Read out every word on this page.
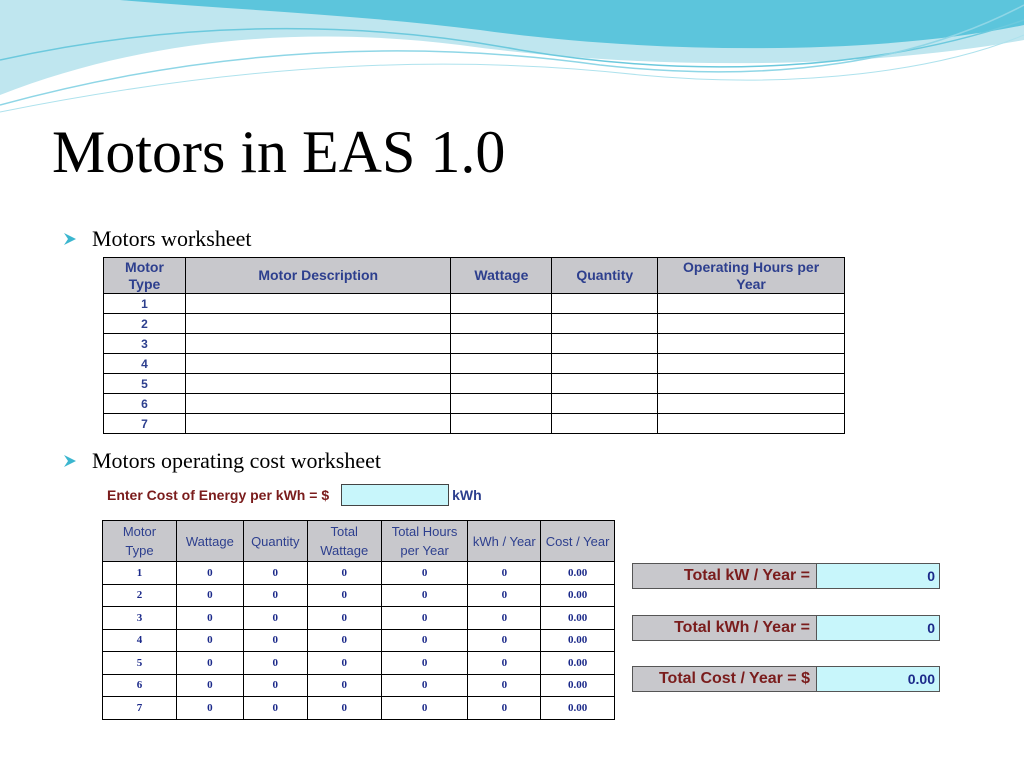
Motors in EAS 1.0
Motors worksheet
Motor Type	Motor Description	Wattage	Quantity	Operating Hours per Year
1				
2				
3				
4				
5				
6				
7				
Motors operating cost worksheet
Enter Cost of Energy per kWh = $	kWh
Motor Type	Wattage	Quantity	Total Wattage	Total Hours per Year	kWh / Year	Cost / Year
1	0	0	0	0	0	0.00
2	0	0	0	0	0	0.00
3	0	0	0	0	0	0.00
4	0	0	0	0	0	0.00
5	0	0	0	0	0	0.00
6	0	0	0	0	0	0.00
7	0	0	0	0	0	0.00
Total kW / Year =	0
Total kWh / Year =	0
Total Cost / Year = $	0.00
